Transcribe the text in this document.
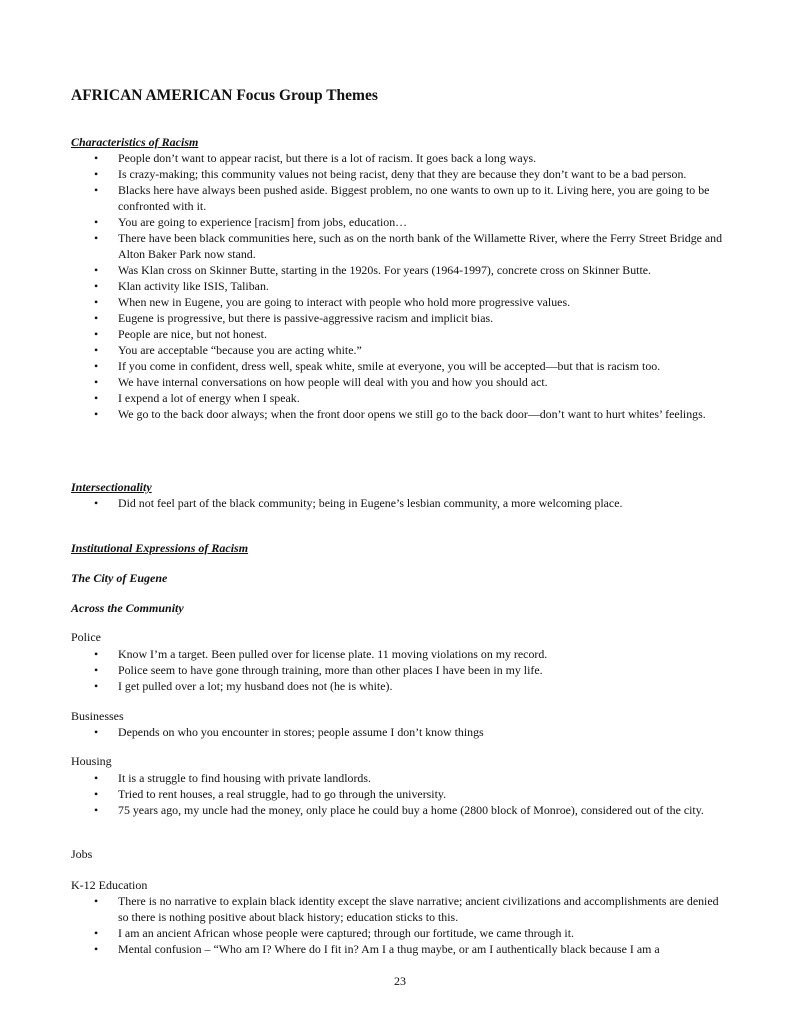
AFRICAN AMERICAN Focus Group Themes

Characteristics of Racism

• People don’t want to appear racist, but there is a lot of racism. It goes back a long ways.
• Is crazy-making; this community values not being racist, deny that they are because they don’t want to be a bad person.
• Blacks here have always been pushed aside. Biggest problem, no one wants to own up to it. Living here, you are going to be confronted with it.
• You are going to experience [racism] from jobs, education…
• There have been black communities here, such as on the north bank of the Willamette River, where the Ferry Street Bridge and Alton Baker Park now stand.
• Was Klan cross on Skinner Butte, starting in the 1920s. For years (1964-1997), concrete cross on Skinner Butte.
• Klan activity like ISIS, Taliban.
• When new in Eugene, you are going to interact with people who hold more progressive values.
• Eugene is progressive, but there is passive-aggressive racism and implicit bias.
• People are nice, but not honest.
• You are acceptable “because you are acting white.”
• If you come in confident, dress well, speak white, smile at everyone, you will be accepted—but that is racism too.
• We have internal conversations on how people will deal with you and how you should act.
• I expend a lot of energy when I speak.
• We go to the back door always; when the front door opens we still go to the back door—don’t want to hurt whites’ feelings.

Intersectionality

• Did not feel part of the black community; being in Eugene’s lesbian community, a more welcoming place.

Institutional Expressions of Racism

The City of Eugene

Across the Community

Police

• Know I’m a target. Been pulled over for license plate. 11 moving violations on my record.
• Police seem to have gone through training, more than other places I have been in my life.
• I get pulled over a lot; my husband does not (he is white).

Businesses

• Depends on who you encounter in stores; people assume I don’t know things

Housing

• It is a struggle to find housing with private landlords.
• Tried to rent houses, a real struggle, had to go through the university.
• 75 years ago, my uncle had the money, only place he could buy a home (2800 block of Monroe), considered out of the city.

Jobs

K-12 Education

• There is no narrative to explain black identity except the slave narrative; ancient civilizations and accomplishments are denied so there is nothing positive about black history; education sticks to this.
• I am an ancient African whose people were captured; through our fortitude, we came through it.
• Mental confusion – “Who am I? Where do I fit in? Am I a thug maybe, or am I authentically black because I am a

23
